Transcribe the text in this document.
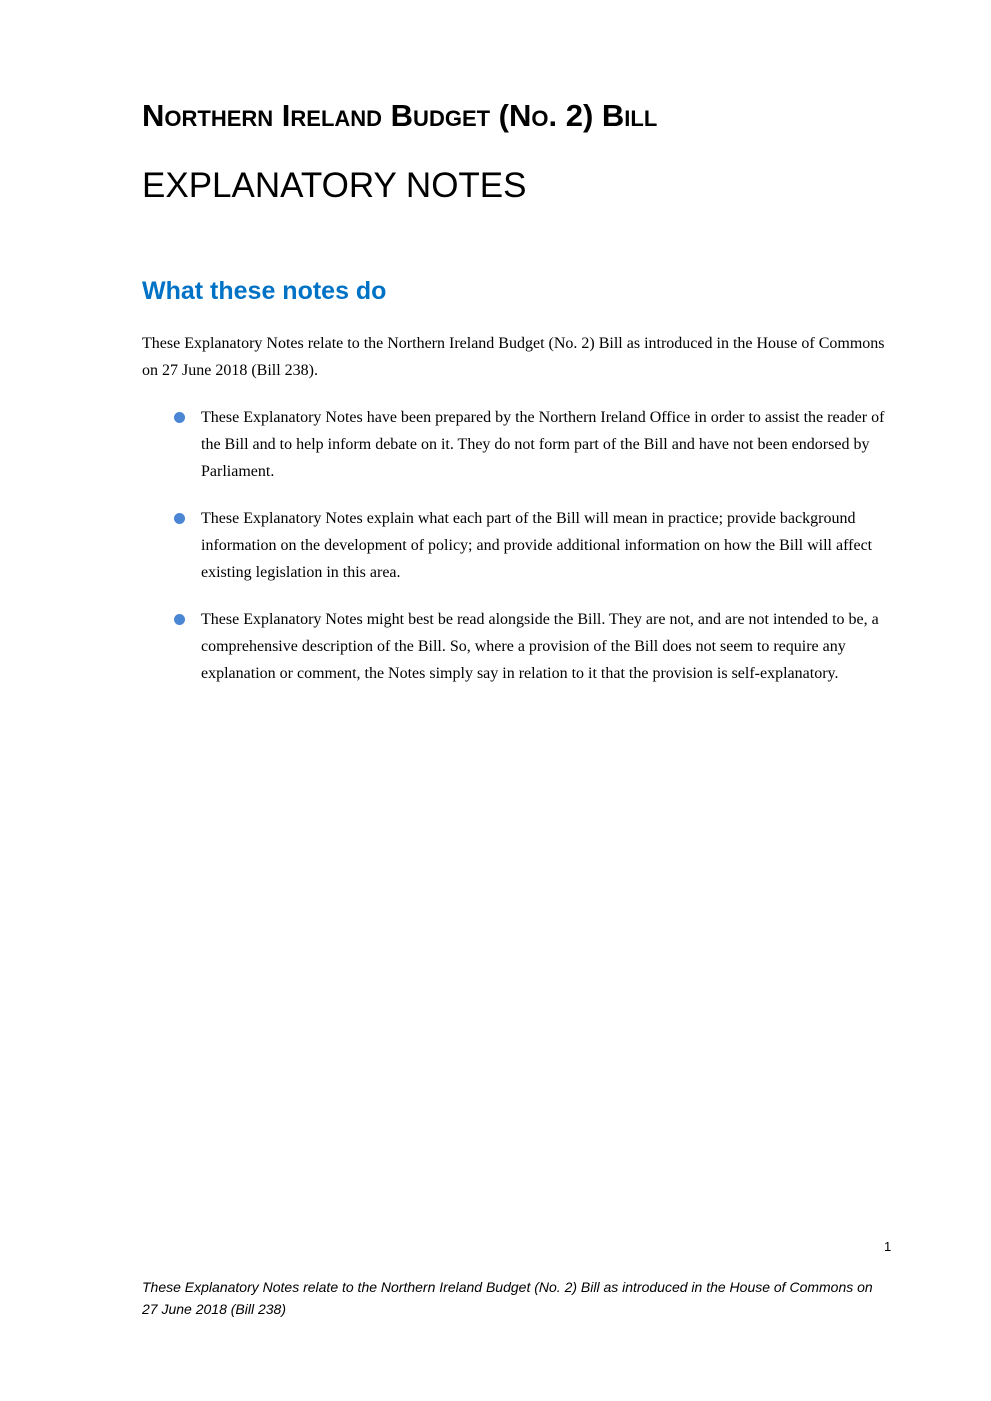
Northern Ireland Budget (No. 2) Bill
EXPLANATORY NOTES
What these notes do

These Explanatory Notes relate to the Northern Ireland Budget (No. 2) Bill as introduced in the House of Commons on 27 June 2018 (Bill 238).

These Explanatory Notes have been prepared by the Northern Ireland Office in order to assist the reader of the Bill and to help inform debate on it. They do not form part of the Bill and have not been endorsed by Parliament.
These Explanatory Notes explain what each part of the Bill will mean in practice; provide background information on the development of policy; and provide additional information on how the Bill will affect existing legislation in this area.
These Explanatory Notes might best be read alongside the Bill. They are not, and are not intended to be, a comprehensive description of the Bill. So, where a provision of the Bill does not seem to require any explanation or comment, the Notes simply say in relation to it that the provision is self-explanatory.

1

These Explanatory Notes relate to the Northern Ireland Budget (No. 2) Bill as introduced in the House of Commons on 27 June 2018 (Bill 238)
